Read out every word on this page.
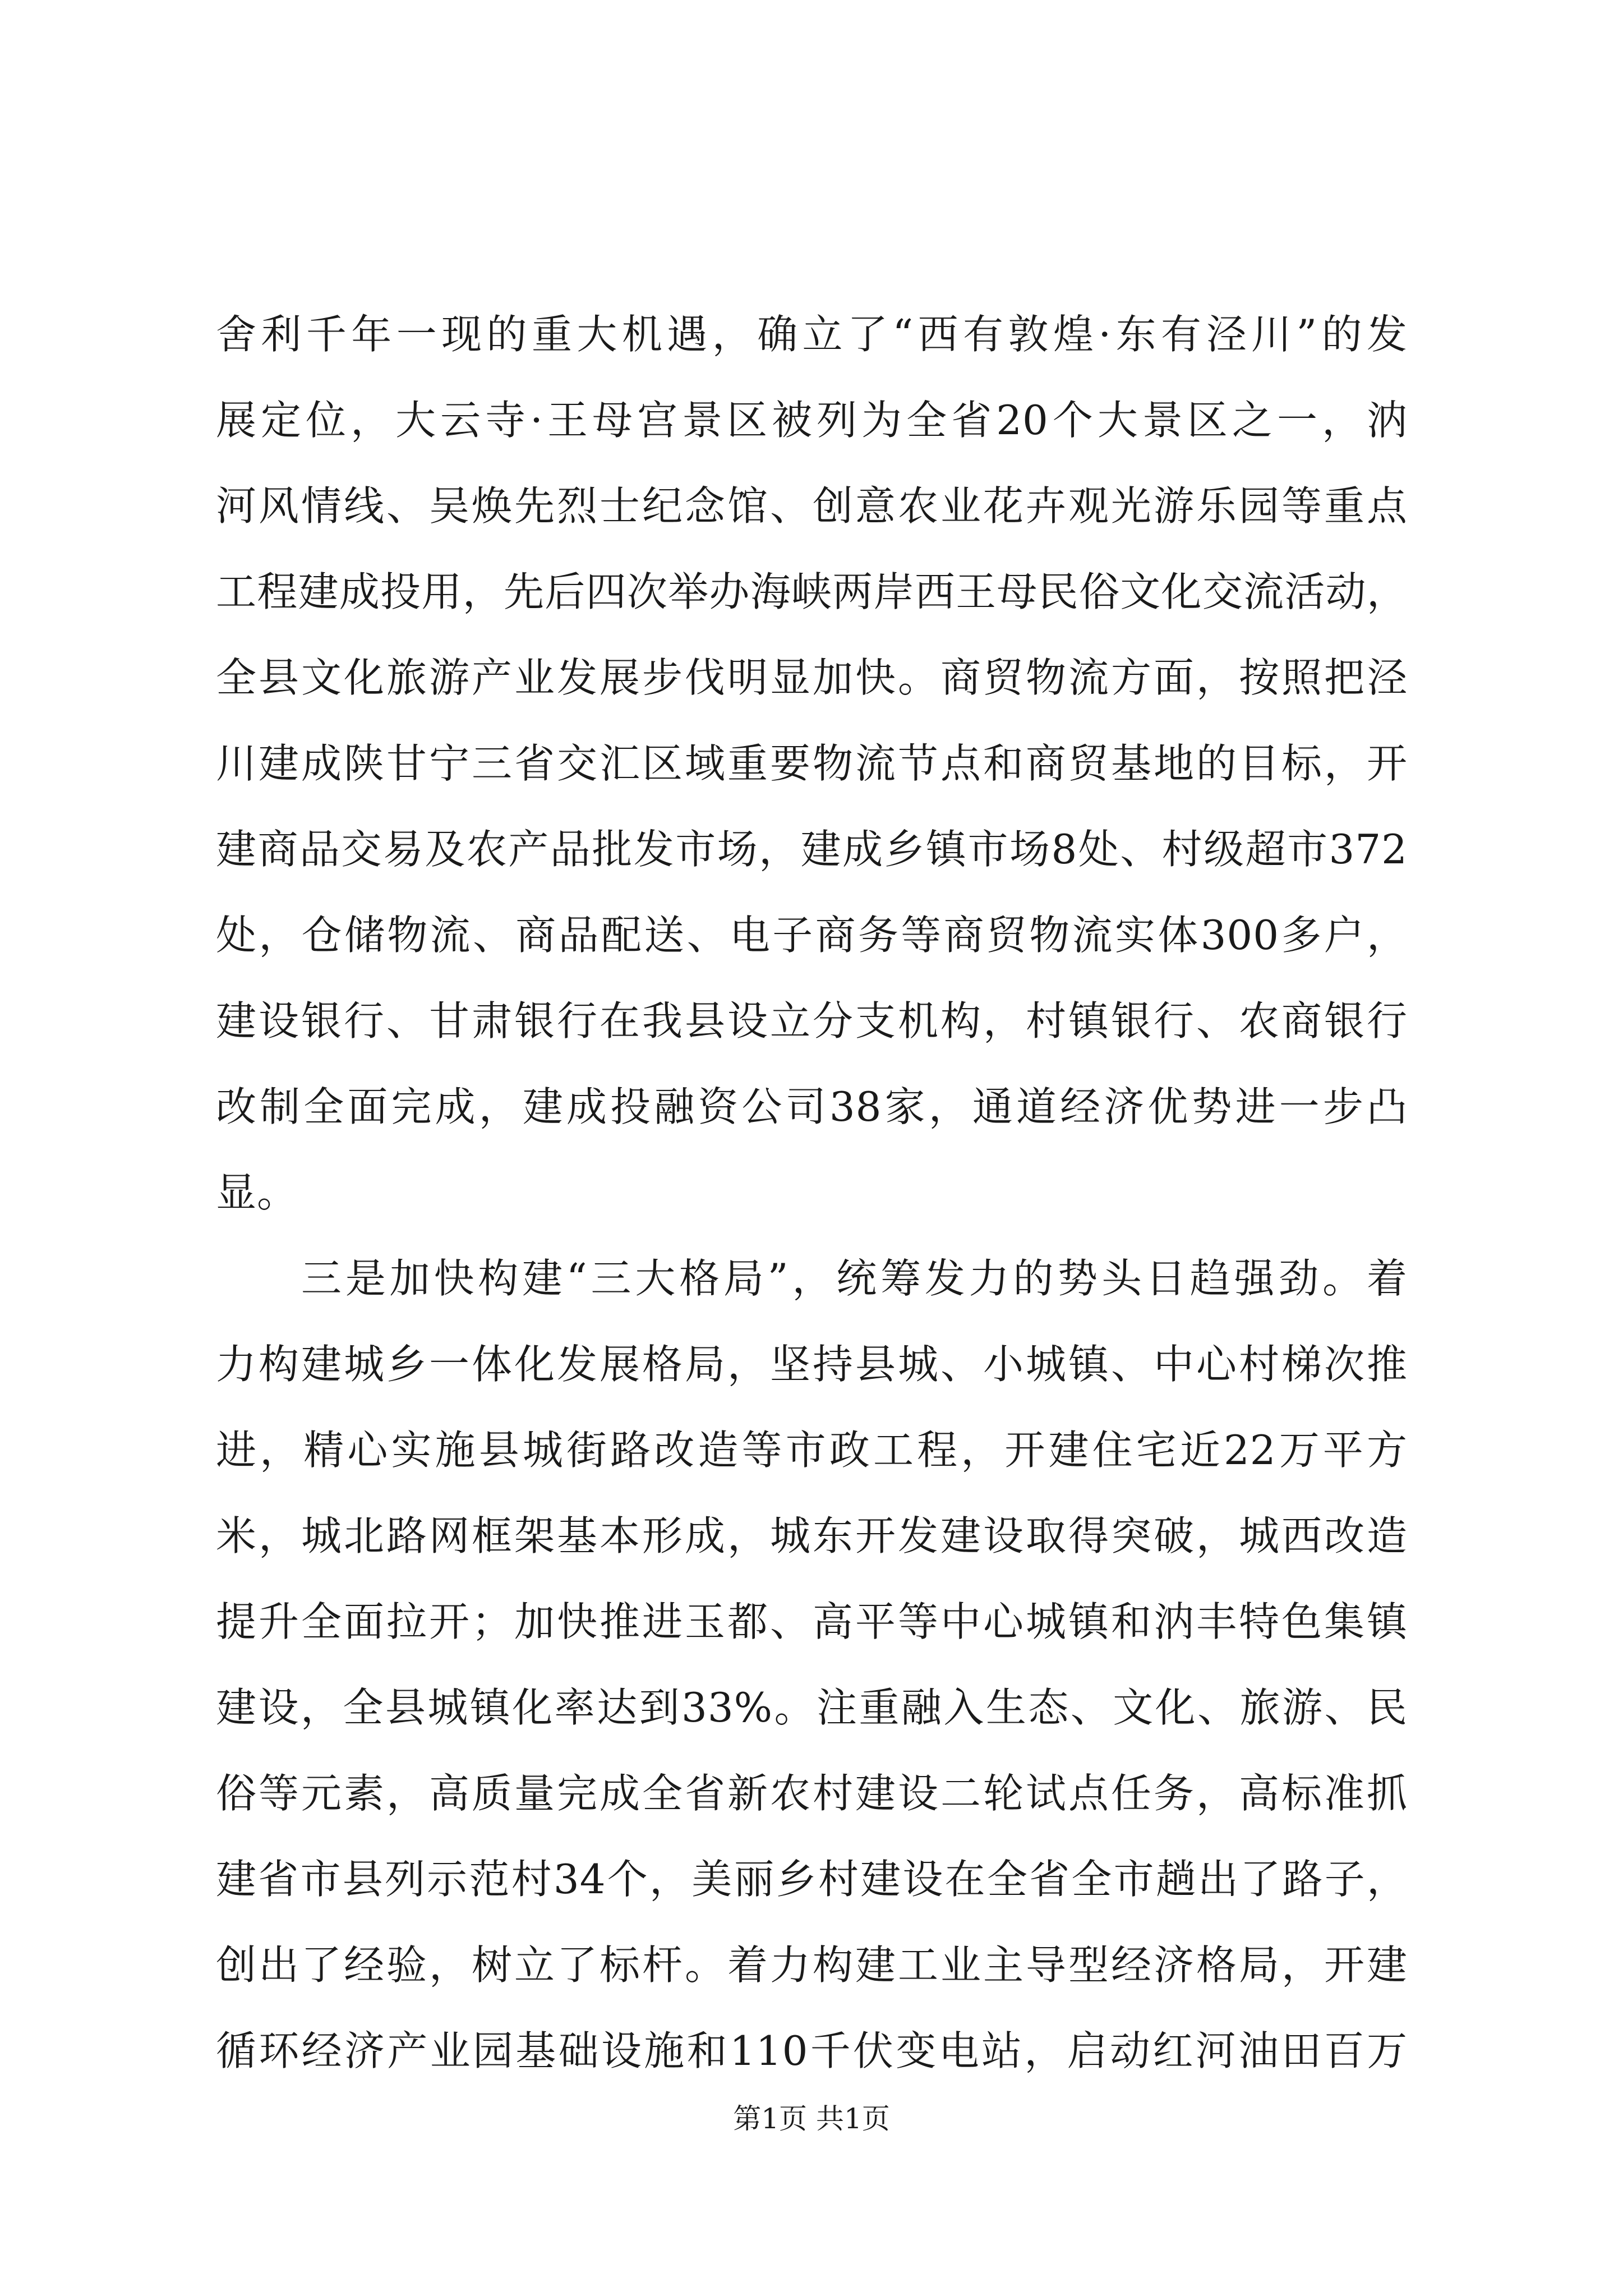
舍利千年一现的重大机遇，确立了“西有敦煌·东有泾川”的发
展定位，大云寺·王母宫景区被列为全省20个大景区之一，汭
河风情线、吴焕先烈士纪念馆、创意农业花卉观光游乐园等重点
工程建成投用，先后四次举办海峡两岸西王母民俗文化交流活动，
全县文化旅游产业发展步伐明显加快。商贸物流方面，按照把泾
川建成陕甘宁三省交汇区域重要物流节点和商贸基地的目标，开
建商品交易及农产品批发市场，建成乡镇市场8处、村级超市372
处，仓储物流、商品配送、电子商务等商贸物流实体300多户，
建设银行、甘肃银行在我县设立分支机构，村镇银行、农商银行
改制全面完成，建成投融资公司38家，通道经济优势进一步凸
显。
三是加快构建“三大格局”，统筹发力的势头日趋强劲。着
力构建城乡一体化发展格局，坚持县城、小城镇、中心村梯次推
进，精心实施县城街路改造等市政工程，开建住宅近22万平方
米，城北路网框架基本形成，城东开发建设取得突破，城西改造
提升全面拉开；加快推进玉都、高平等中心城镇和汭丰特色集镇
建设，全县城镇化率达到33%。注重融入生态、文化、旅游、民
俗等元素，高质量完成全省新农村建设二轮试点任务，高标准抓
建省市县列示范村34个，美丽乡村建设在全省全市趟出了路子，
创出了经验，树立了标杆。着力构建工业主导型经济格局，开建
循环经济产业园基础设施和110千伏变电站，启动红河油田百万
第1页 共1页
